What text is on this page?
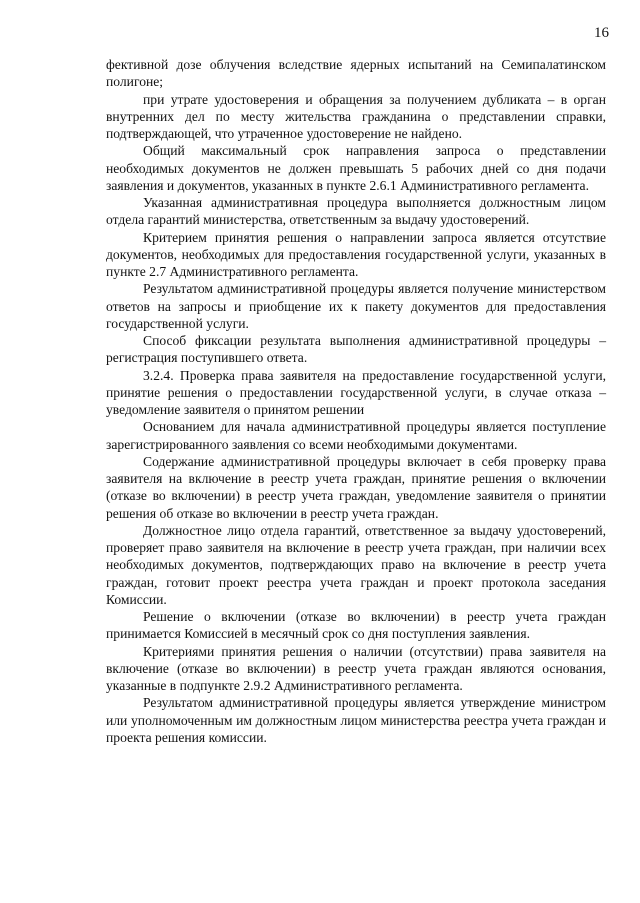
16

фективной дозе облучения вследствие ядерных испытаний на Семипалатинском полигоне;

при утрате удостоверения и обращения за получением дубликата – в орган внутренних дел по месту жительства гражданина о представлении справки, подтверждающей, что утраченное удостоверение не найдено.

Общий максимальный срок направления запроса о представлении необходимых документов не должен превышать 5 рабочих дней со дня подачи заявления и документов, указанных в пункте 2.6.1 Административного регламента.

Указанная административная процедура выполняется должностным лицом отдела гарантий министерства, ответственным за выдачу удостоверений.

Критерием принятия решения о направлении запроса является отсутствие документов, необходимых для предоставления государственной услуги, указанных в пункте 2.7 Административного регламента.

Результатом административной процедуры является получение министерством ответов на запросы и приобщение их к пакету документов для предоставления государственной услуги.

Способ фиксации результата выполнения административной процедуры – регистрация поступившего ответа.

3.2.4. Проверка права заявителя на предоставление государственной услуги, принятие решения о предоставлении государственной услуги, в случае отказа – уведомление заявителя о принятом решении

Основанием для начала административной процедуры является поступление зарегистрированного заявления со всеми необходимыми документами.

Содержание административной процедуры включает в себя проверку права заявителя на включение в реестр учета граждан, принятие решения о включении (отказе во включении) в реестр учета граждан, уведомление заявителя о принятии решения об отказе во включении в реестр учета граждан.

Должностное лицо отдела гарантий, ответственное за выдачу удостоверений, проверяет право заявителя на включение в реестр учета граждан, при наличии всех необходимых документов, подтверждающих право на включение в реестр учета граждан, готовит проект реестра учета граждан и проект протокола заседания Комиссии.

Решение о включении (отказе во включении) в реестр учета граждан принимается Комиссией в месячный срок со дня поступления заявления.

Критериями принятия решения о наличии (отсутствии) права заявителя на включение (отказе во включении) в реестр учета граждан являются основания, указанные в подпункте 2.9.2 Административного регламента.

Результатом административной процедуры является утверждение министром или уполномоченным им должностным лицом министерства реестра учета граждан и проекта решения комиссии.
